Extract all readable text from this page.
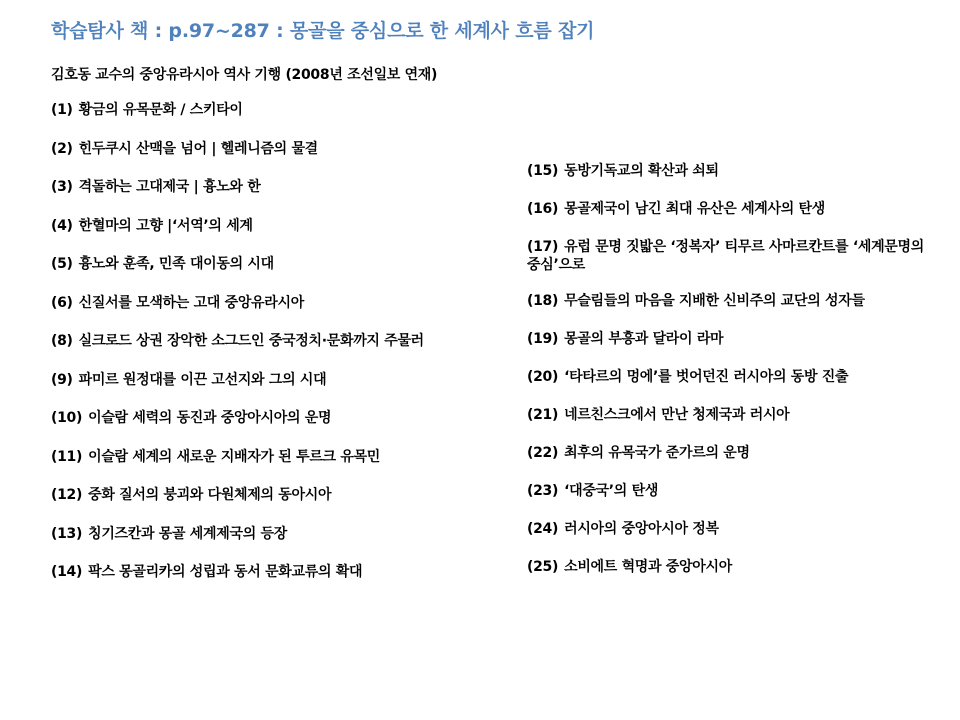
학습탐사 책 : p.97~287 : 몽골을 중심으로 한 세계사 흐름 잡기
김호동 교수의 중앙유라시아 역사 기행 (2008년 조선일보 연재)
(1) 황금의 유목문화 / 스키타이
(2) 힌두쿠시 산맥을 넘어 | 헬레니즘의 물결
(3) 격돌하는 고대제국 | 흉노와 한
(4) 한혈마의 고향 |‘서역’의 세계
(5) 흉노와 훈족, 민족 대이동의 시대
(6) 신질서를 모색하는 고대 중앙유라시아
(8) 실크로드 상권 장악한 소그드인 중국정치·문화까지 주물러
(9) 파미르 원정대를 이끈 고선지와 그의 시대
(10) 이슬람 세력의 동진과 중앙아시아의 운명
(11) 이슬람 세계의 새로운 지배자가 된 투르크 유목민
(12) 중화 질서의 붕괴와 다원체제의 동아시아
(13) 칭기즈칸과 몽골 세계제국의 등장
(14) 팍스 몽골리카의 성립과 동서 문화교류의 확대
(15) 동방기독교의 확산과 쇠퇴
(16) 몽골제국이 남긴 최대 유산은 세계사의 탄생
(17) 유럽 문명 짓밟은 ‘정복자’ 티무르 사마르칸트를 ‘세계문명의 중심’으로
(18) 무슬림들의 마음을 지배한 신비주의 교단의 성자들
(19) 몽골의 부흥과 달라이 라마
(20) ‘타타르의 멍에’를 벗어던진 러시아의 동방 진출
(21) 네르친스크에서 만난 청제국과 러시아
(22) 최후의 유목국가 준가르의 운명
(23) ‘대중국’의 탄생
(24) 러시아의 중앙아시아 정복
(25) 소비에트 혁명과 중앙아시아
